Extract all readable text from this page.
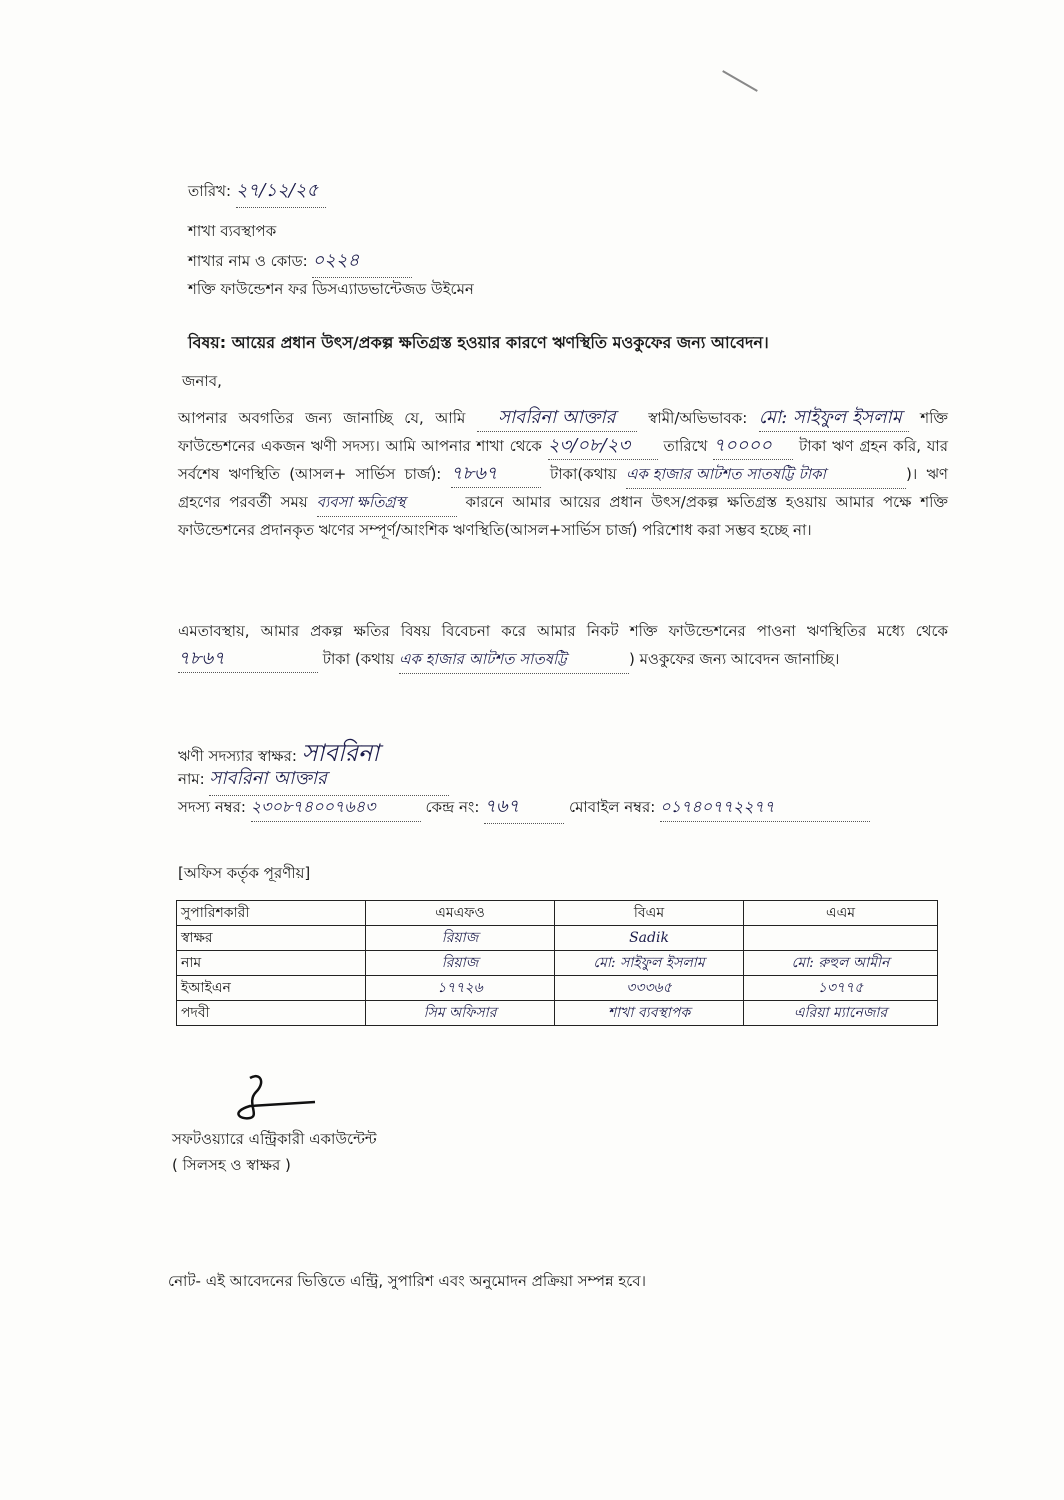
তারিখ: ২৭/১২/২৫
শাখা ব্যবস্থাপক
শাখার নাম ও কোড: ০২২৪
শক্তি ফাউন্ডেশন ফর ডিসএ্যাডভান্টেজড উইমেন
বিষয়: আয়ের প্রধান উৎস/প্রকল্প ক্ষতিগ্রস্ত হওয়ার কারণে ঋণস্থিতি মওকুফের জন্য আবেদন।
জনাব,
আপনার অবগতির জন্য জানাচ্ছি যে, আমি সাবরিনা আক্তার স্বামী/অভিভাবক: মো: সাইফুল ইসলাম শক্তি ফাউন্ডেশনের একজন ঋণী সদস্য। আমি আপনার শাখা থেকে ২৩/০৮/২৩ তারিখে ৭০০০০ টাকা ঋণ গ্রহন করি, যার সর্বশেষ ঋণস্থিতি (আসল+ সার্ভিস চার্জ): ৭৮৬৭	টাকা(কথায় এক হাজার আটশত সাতষট্টি টাকা	)। ঋণ গ্রহণের পরবর্তী সময় ব্যবসা ক্ষতিগ্রস্থ	কারনে আমার আয়ের প্রধান উৎস/প্রকল্প ক্ষতিগ্রস্ত হওয়ায় আমার পক্ষে শক্তি ফাউন্ডেশনের প্রদানকৃত ঋণের সম্পূর্ণ/আংশিক ঋণস্থিতি(আসল+সার্ভিস চার্জ) পরিশোধ করা সম্ভব হচ্ছে না।
এমতাবস্থায়, আমার প্রকল্প ক্ষতির বিষয় বিবেচনা করে আমার নিকট শক্তি ফাউন্ডেশনের পাওনা ঋণস্থিতির মধ্যে থেকে ৭৮৬৭	টাকা (কথায় এক হাজার আটশত সাতষট্টি	) মওকুফের জন্য আবেদন জানাচ্ছি।
ঋণী সদস্যার স্বাক্ষর: সাবরিনা
নাম: সাবরিনা আক্তার
সদস্য নম্বর: ২৩০৮৭৪০০৭৬৪৩	কেন্দ্র নং: ৭৬৭	মোবাইল নম্বর: ০১৭৪০৭৭২২৭৭
[অফিস কর্তৃক পূরণীয়]
সুপারিশকারী	এমএফও	বিএম	এএম
স্বাক্ষর	রিয়াজ	Sadik	
নাম	রিয়াজ	মো: সাইফুল ইসলাম	মো: রুহুল আমীন
ইআইএন	১৭৭২৬	৩৩৩৬৫	১৩৭৭৫
পদবী	সিম অফিসার	শাখা ব্যবস্থাপক	এরিয়া ম্যানেজার
সফটওয়্যারে এন্ট্রিকারী একাউন্টেন্ট
( সিলসহ ও স্বাক্ষর )
নোট- এই আবেদনের ভিত্তিতে এন্ট্রি, সুপারিশ এবং অনুমোদন প্রক্রিয়া সম্পন্ন হবে।
